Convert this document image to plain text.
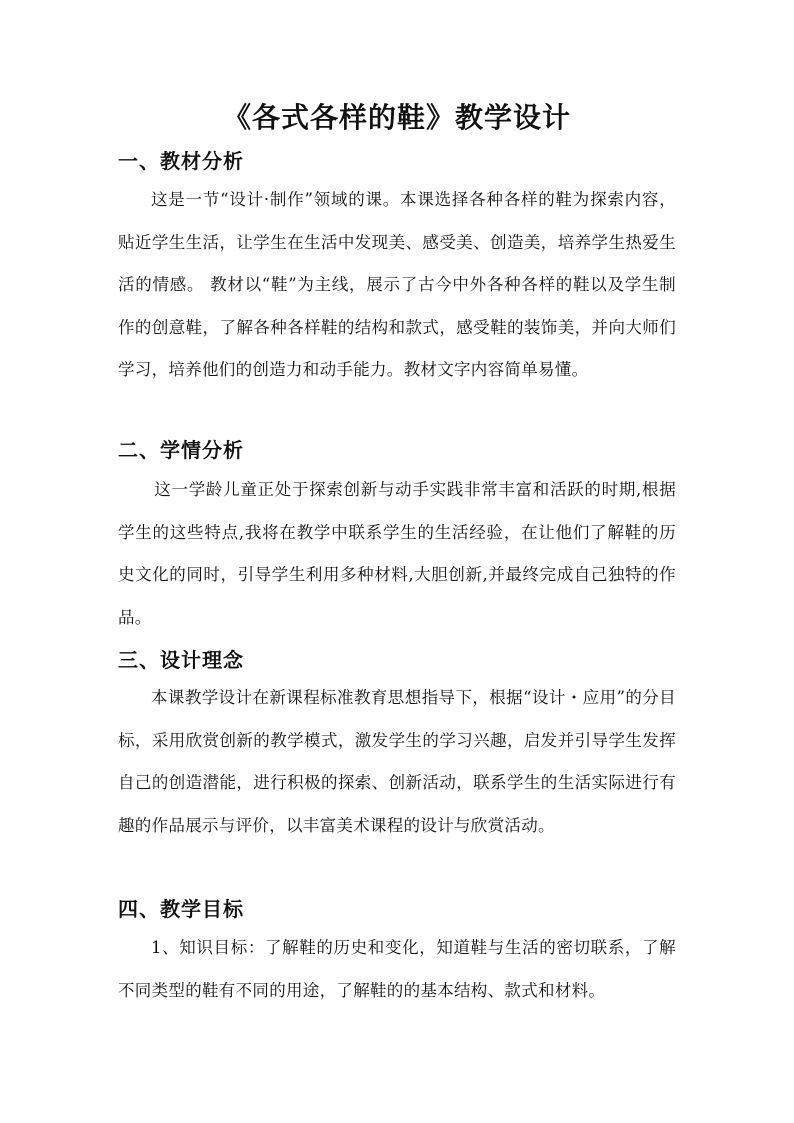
《各式各样的鞋》教学设计
一、教材分析

这是一节“设计·制作”领域的课。本课选择各种各样的鞋为探索内容，贴近学生生活，让学生在生活中发现美、感受美、创造美，培养学生热爱生活的情感。 教材以“鞋”为主线，展示了古今中外各种各样的鞋以及学生制作的创意鞋，了解各种各样鞋的结构和款式，感受鞋的装饰美，并向大师们学习，培养他们的创造力和动手能力。教材文字内容简单易懂。

二、学情分析

这一学龄儿童正处于探索创新与动手实践非常丰富和活跃的时期,根据学生的这些特点,我将在教学中联系学生的生活经验，在让他们了解鞋的历史文化的同时，引导学生利用多种材料,大胆创新,并最终完成自己独特的作品。

三、设计理念

本课教学设计在新课程标准教育思想指导下，根据“设计・应用”的分目标，采用欣赏创新的教学模式，激发学生的学习兴趣，启发并引导学生发挥自己的创造潜能，进行积极的探索、创新活动，联系学生的生活实际进行有趣的作品展示与评价，以丰富美术课程的设计与欣赏活动。

四、教学目标

1、知识目标：了解鞋的历史和变化，知道鞋与生活的密切联系，了解不同类型的鞋有不同的用途，了解鞋的的基本结构、款式和材料。
